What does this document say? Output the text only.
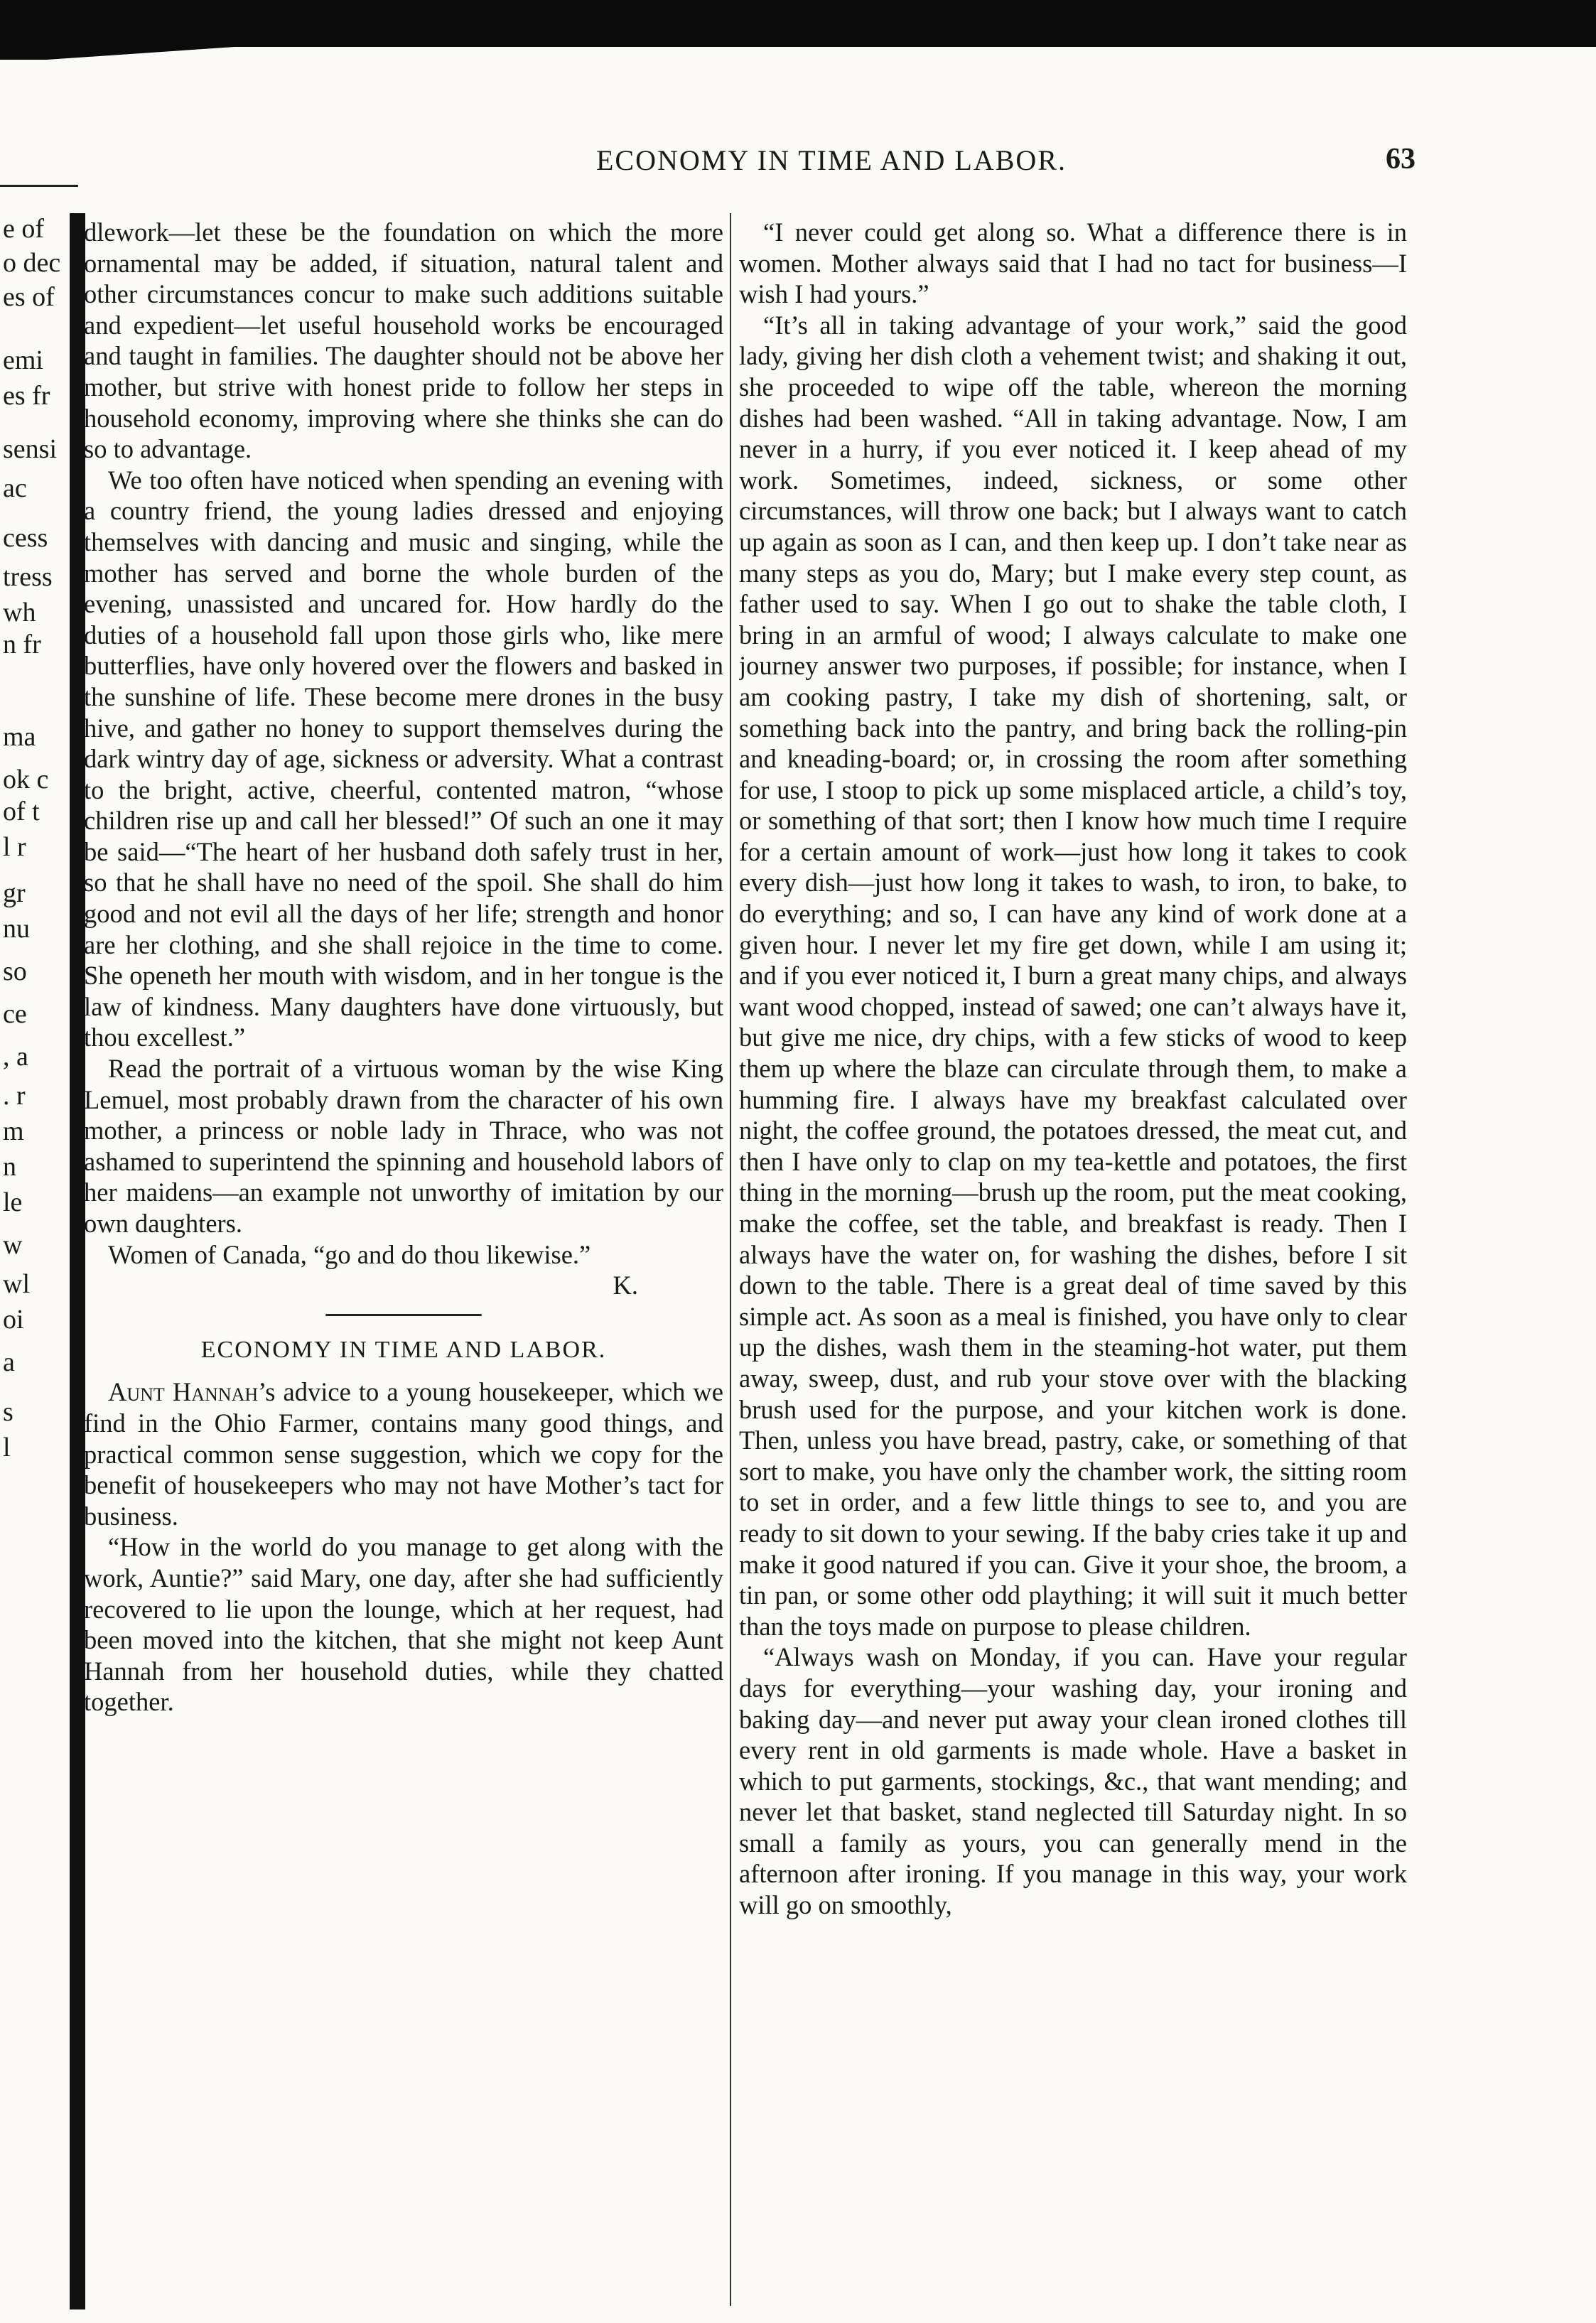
ECONOMY IN TIME AND LABOR.	63
e of
o dec
es of
emi
es fr
sensi
ac
cess
tress
wh
n fr
ma
ok c
of t
l r
gr
nu
so
ce
, a
. r
m
n
le
w
wl
oi
a
s
l

dlework—let these be the foundation on which the more ornamental may be added, if situation, natural talent and other circumstances concur to make such additions suitable and expedient—let useful household works be encouraged and taught in families. The daughter should not be above her mother, but strive with honest pride to follow her steps in household economy, improving where she thinks she can do so to advantage.

We too often have noticed when spending an evening with a country friend, the young ladies dressed and enjoying themselves with dancing and music and singing, while the mother has served and borne the whole burden of the evening, unassisted and uncared for. How hardly do the duties of a household fall upon those girls who, like mere butterflies, have only hovered over the flowers and basked in the sunshine of life. These become mere drones in the busy hive, and gather no honey to support themselves during the dark wintry day of age, sickness or adversity. What a contrast to the bright, active, cheerful, contented matron, “whose children rise up and call her blessed!” Of such an one it may be said—“The heart of her husband doth safely trust in her, so that he shall have no need of the spoil. She shall do him good and not evil all the days of her life; strength and honor are her clothing, and she shall rejoice in the time to come. She openeth her mouth with wisdom, and in her tongue is the law of kindness. Many daughters have done virtuously, but thou excellest.”

Read the portrait of a virtuous woman by the wise King Lemuel, most probably drawn from the character of his own mother, a princess or noble lady in Thrace, who was not ashamed to superintend the spinning and household labors of her maidens—an example not unworthy of imitation by our own daughters.

Women of Canada, “go and do thou likewise.”

K.

ECONOMY IN TIME AND LABOR.

Aunt Hannah’s advice to a young housekeeper, which we find in the Ohio Farmer, contains many good things, and practical common sense suggestion, which we copy for the benefit of housekeepers who may not have Mother’s tact for business.

“How in the world do you manage to get along with the work, Auntie?” said Mary, one day, after she had sufficiently recovered to lie upon the lounge, which at her request, had been moved into the kitchen, that she might not keep Aunt Hannah from her household duties, while they chatted together.

“I never could get along so. What a difference there is in women. Mother always said that I had no tact for business—I wish I had yours.”

“It’s all in taking advantage of your work,” said the good lady, giving her dish cloth a vehement twist; and shaking it out, she proceeded to wipe off the table, whereon the morning dishes had been washed. “All in taking advantage. Now, I am never in a hurry, if you ever noticed it. I keep ahead of my work. Sometimes, indeed, sickness, or some other circumstances, will throw one back; but I always want to catch up again as soon as I can, and then keep up. I don’t take near as many steps as you do, Mary; but I make every step count, as father used to say. When I go out to shake the table cloth, I bring in an armful of wood; I always calculate to make one journey answer two purposes, if possible; for instance, when I am cooking pastry, I take my dish of shortening, salt, or something back into the pantry, and bring back the rolling-pin and kneading-board; or, in crossing the room after something for use, I stoop to pick up some misplaced article, a child’s toy, or something of that sort; then I know how much time I require for a certain amount of work—just how long it takes to cook every dish—just how long it takes to wash, to iron, to bake, to do everything; and so, I can have any kind of work done at a given hour. I never let my fire get down, while I am using it; and if you ever noticed it, I burn a great many chips, and always want wood chopped, instead of sawed; one can’t always have it, but give me nice, dry chips, with a few sticks of wood to keep them up where the blaze can circulate through them, to make a humming fire. I always have my breakfast calculated over night, the coffee ground, the potatoes dressed, the meat cut, and then I have only to clap on my tea-kettle and potatoes, the first thing in the morning—brush up the room, put the meat cooking, make the coffee, set the table, and breakfast is ready. Then I always have the water on, for washing the dishes, before I sit down to the table. There is a great deal of time saved by this simple act. As soon as a meal is finished, you have only to clear up the dishes, wash them in the steaming-hot water, put them away, sweep, dust, and rub your stove over with the blacking brush used for the purpose, and your kitchen work is done. Then, unless you have bread, pastry, cake, or something of that sort to make, you have only the chamber work, the sitting room to set in order, and a few little things to see to, and you are ready to sit down to your sewing. If the baby cries take it up and make it good natured if you can. Give it your shoe, the broom, a tin pan, or some other odd plaything; it will suit it much better than the toys made on purpose to please children.

“Always wash on Monday, if you can. Have your regular days for everything—your washing day, your ironing and baking day—and never put away your clean ironed clothes till every rent in old garments is made whole. Have a basket in which to put garments, stockings, &c., that want mending; and never let that basket, stand neglected till Saturday night. In so small a family as yours, you can generally mend in the afternoon after ironing. If you manage in this way, your work will go on smoothly,
